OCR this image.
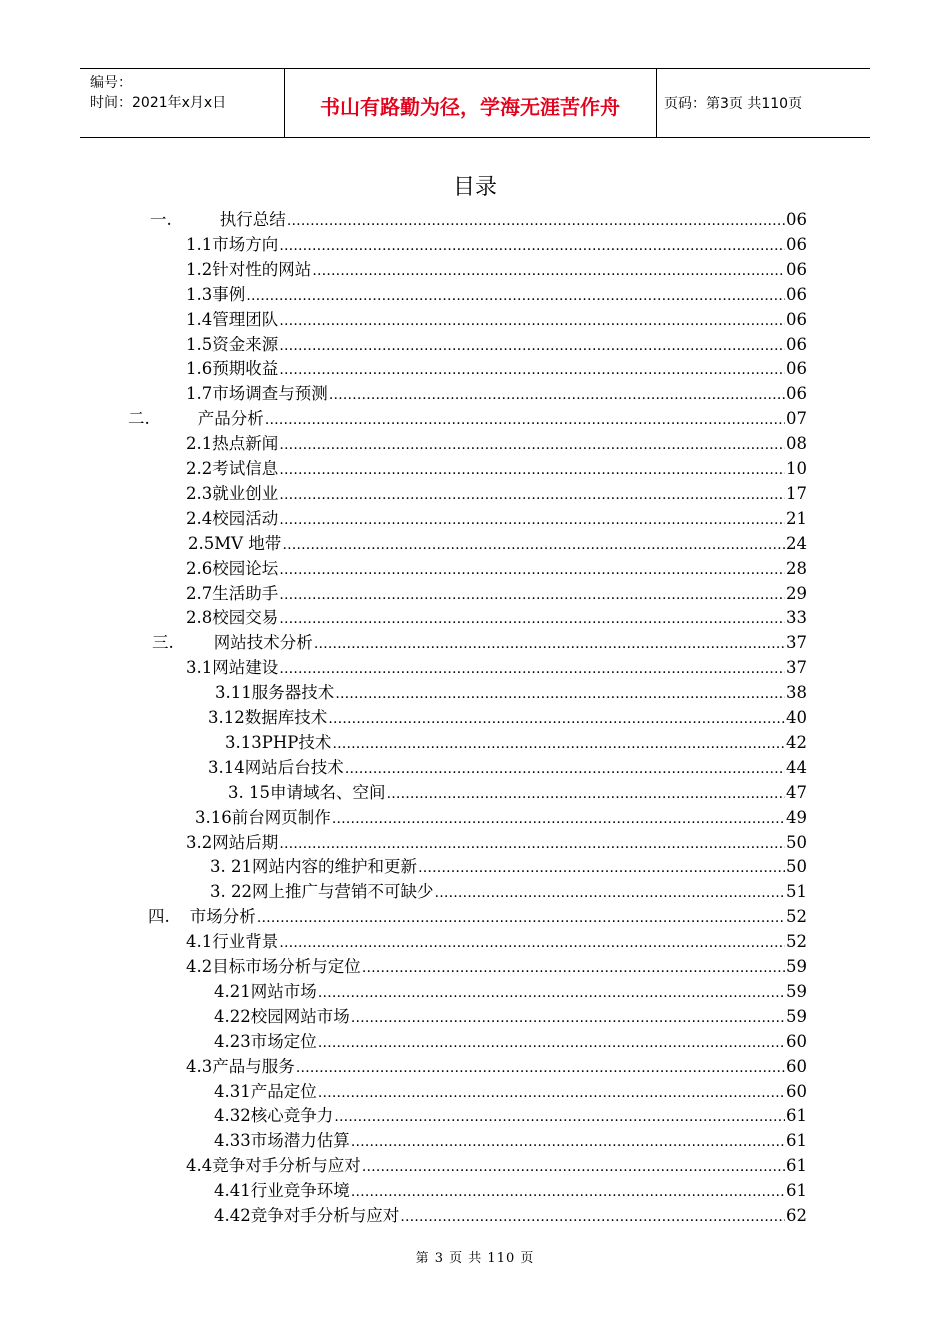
编号：
时间：2021年x月x日	书山有路勤为径，学海无涯苦作舟	页码：第3页 共110页
目录
一.	执行总结 ……………………………………………………………………………………………………………………………………………………………………………	06
1.1 市场方向 ……………………………………………………………………………………………………………………………………………………………………………	06
1.2 针对性的网站 ……………………………………………………………………………………………………………………………………………………………………………	06
1.3 事例 ……………………………………………………………………………………………………………………………………………………………………………	06
1.4 管理团队 ……………………………………………………………………………………………………………………………………………………………………………	06
1.5 资金来源 ……………………………………………………………………………………………………………………………………………………………………………	06
1.6 预期收益 ……………………………………………………………………………………………………………………………………………………………………………	06
1.7 市场调查与预测 ……………………………………………………………………………………………………………………………………………………………………………	06
二.	产品分析 ……………………………………………………………………………………………………………………………………………………………………………	07
2.1 热点新闻 ……………………………………………………………………………………………………………………………………………………………………………	08
2.2 考试信息 ……………………………………………………………………………………………………………………………………………………………………………	10
2.3 就业创业 ……………………………………………………………………………………………………………………………………………………………………………	17
2.4 校园活动 ……………………………………………………………………………………………………………………………………………………………………………	21
2.5 MV 地带 ……………………………………………………………………………………………………………………………………………………………………………	24
2.6 校园论坛 ……………………………………………………………………………………………………………………………………………………………………………	28
2.7 生活助手 ……………………………………………………………………………………………………………………………………………………………………………	29
2.8 校园交易 ……………………………………………………………………………………………………………………………………………………………………………	33
三. 网站技术分析 ……………………………………………………………………………………………………………………………………………………………………………	37
3.1 网站建设 ……………………………………………………………………………………………………………………………………………………………………………	37
3.11 服务器技术 ……………………………………………………………………………………………………………………………………………………………………………	38
3.12 数据库技术 ……………………………………………………………………………………………………………………………………………………………………………	40
3.13PHP 技术 ……………………………………………………………………………………………………………………………………………………………………………	42
3.14 网站后台技术 ……………………………………………………………………………………………………………………………………………………………………………	44
3. 15 申请域名、空间 ……………………………………………………………………………………………………………………………………………………………………………	47
3.16 前台网页制作 ……………………………………………………………………………………………………………………………………………………………………………	49
3.2 网站后期 ……………………………………………………………………………………………………………………………………………………………………………	50
3. 21 网站内容的维护和更新 ……………………………………………………………………………………………………………………………………………………………………………	50
3. 22 网上推广与营销不可缺少 ……………………………………………………………………………………………………………………………………………………………………………	51
四. 市场分析 ……………………………………………………………………………………………………………………………………………………………………………	52
4.1 行业背景 ……………………………………………………………………………………………………………………………………………………………………………	52
4.2 目标市场分析与定位 ……………………………………………………………………………………………………………………………………………………………………………	59
4.21 网站市场 ……………………………………………………………………………………………………………………………………………………………………………	59
4.22 校园网站市场 ……………………………………………………………………………………………………………………………………………………………………………	59
4.23 市场定位 ……………………………………………………………………………………………………………………………………………………………………………	60
4.3 产品与服务 ……………………………………………………………………………………………………………………………………………………………………………	60
4.31 产品定位 ……………………………………………………………………………………………………………………………………………………………………………	60
4.32 核心竞争力 ……………………………………………………………………………………………………………………………………………………………………………	61
4.33 市场潜力估算 ……………………………………………………………………………………………………………………………………………………………………………	61
4.4 竞争对手分析与应对 ……………………………………………………………………………………………………………………………………………………………………………	61
4.41 行业竞争环境 ……………………………………………………………………………………………………………………………………………………………………………	61
4.42 竞争对手分析与应对 ……………………………………………………………………………………………………………………………………………………………………………	62
第 3 页 共 110 页
